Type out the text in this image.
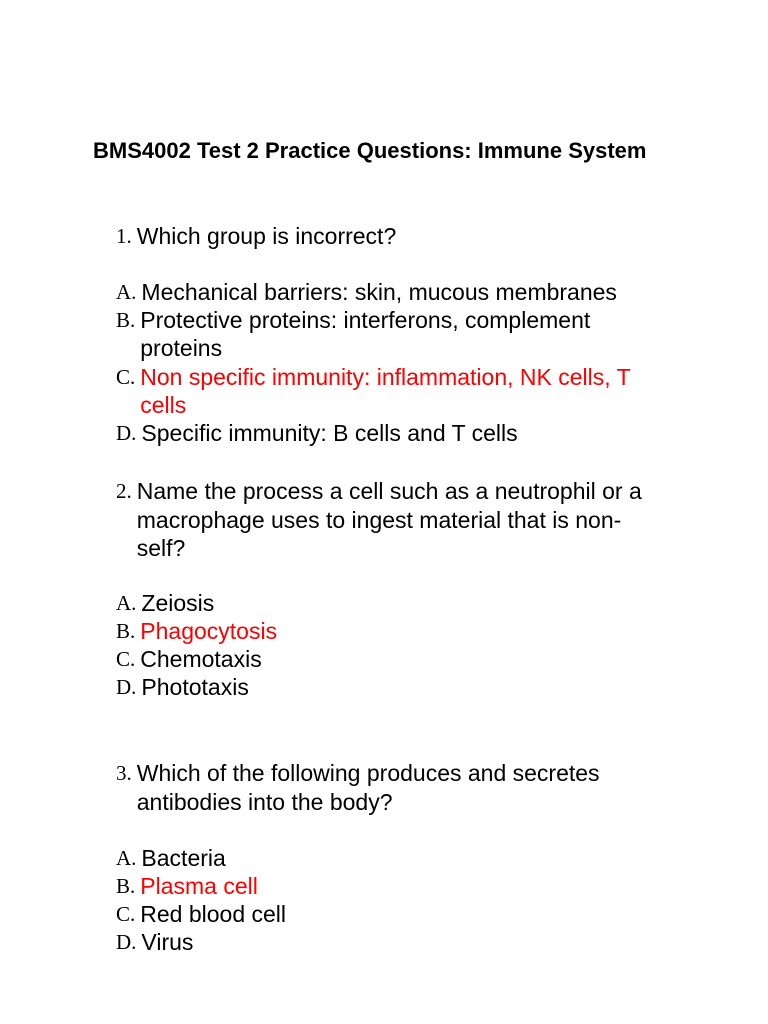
BMS4002 Test 2 Practice Questions: Immune System
1. Which group is incorrect?
A. Mechanical barriers: skin, mucous membranes
B. Protective proteins: interferons, complement proteins
C. Non specific immunity: inflammation, NK cells, T cells
D. Specific immunity: B cells and T cells
2. Name the process a cell such as a neutrophil or a macrophage uses to ingest material that is non-self?
A. Zeiosis
B. Phagocytosis
C. Chemotaxis
D. Phototaxis
3. Which of the following produces and secretes antibodies into the body?
A. Bacteria
B. Plasma cell
C. Red blood cell
D. Virus
